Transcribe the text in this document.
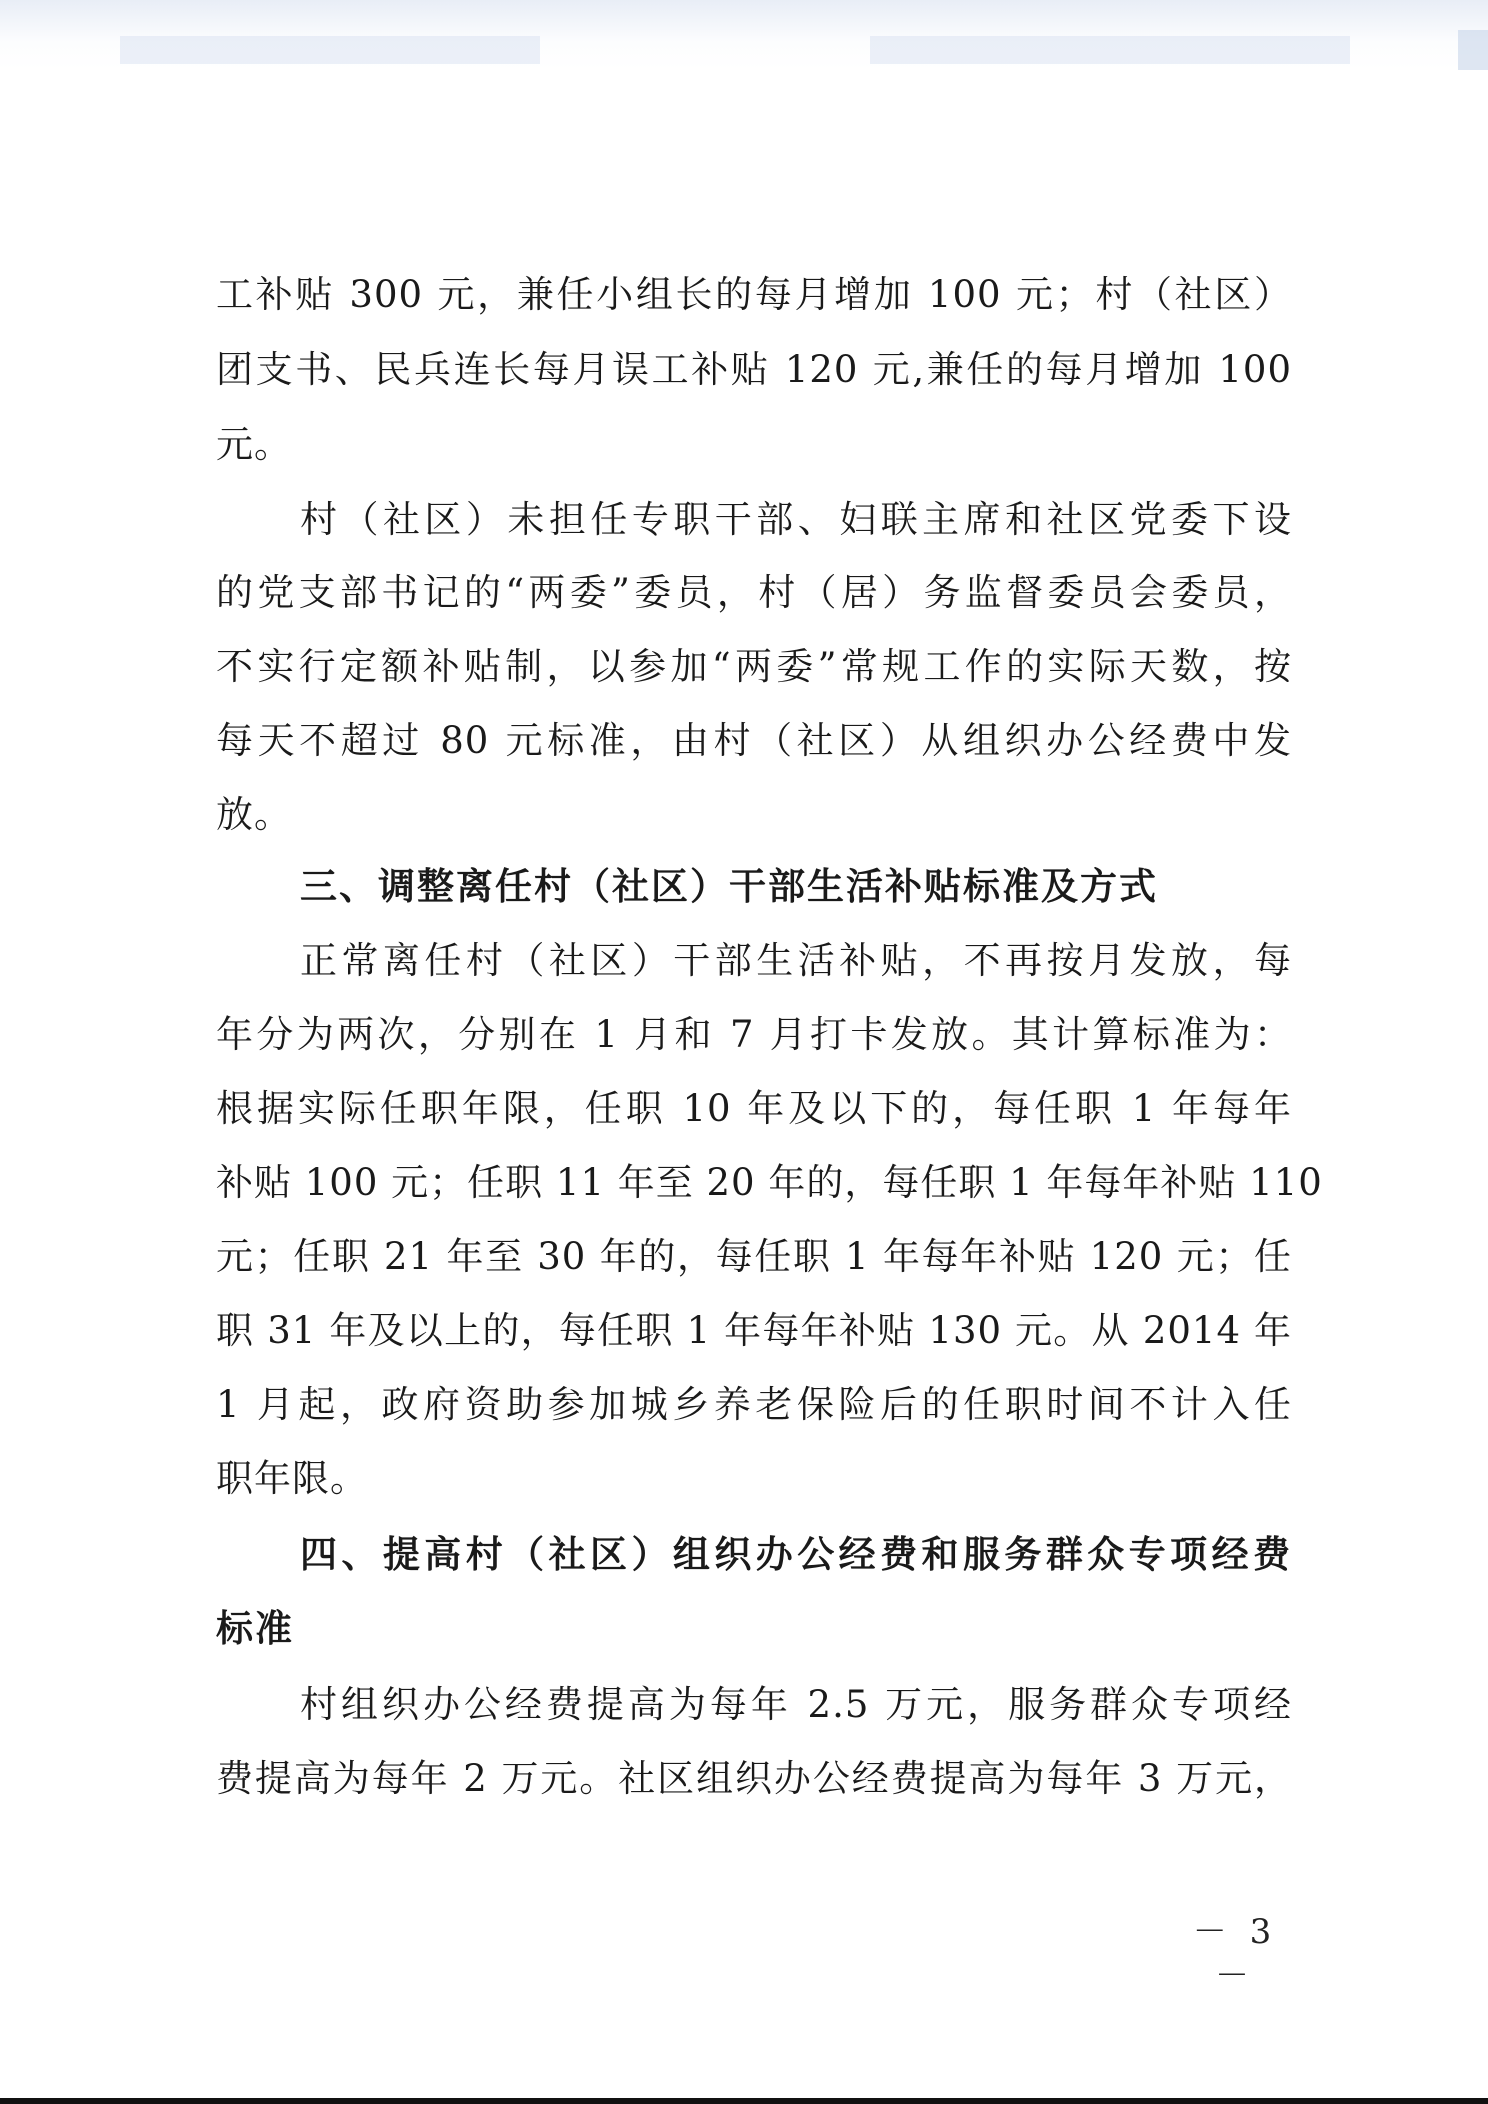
工补贴 300 元，兼任小组长的每月增加 100 元；村（社区）
团支书、民兵连长每月误工补贴 120 元,兼任的每月增加 100
元。
村（社区）未担任专职干部、妇联主席和社区党委下设
的党支部书记的“两委”委员，村（居）务监督委员会委员，
不实行定额补贴制，以参加“两委”常规工作的实际天数，按
每天不超过 80 元标准，由村（社区）从组织办公经费中发
放。
三、调整离任村（社区）干部生活补贴标准及方式
正常离任村（社区）干部生活补贴，不再按月发放，每
年分为两次，分别在 1 月和 7 月打卡发放。其计算标准为：
根据实际任职年限，任职 10 年及以下的，每任职 1 年每年
补贴 100 元；任职 11 年至 20 年的，每任职 1 年每年补贴 110
元；任职 21 年至 30 年的，每任职 1 年每年补贴 120 元；任
职 31 年及以上的，每任职 1 年每年补贴 130 元。从 2014 年
1 月起，政府资助参加城乡养老保险后的任职时间不计入任
职年限。
四、提高村（社区）组织办公经费和服务群众专项经费
标准
村组织办公经费提高为每年 2.5 万元，服务群众专项经
费提高为每年 2 万元。社区组织办公经费提高为每年 3 万元，
－ 3 －
